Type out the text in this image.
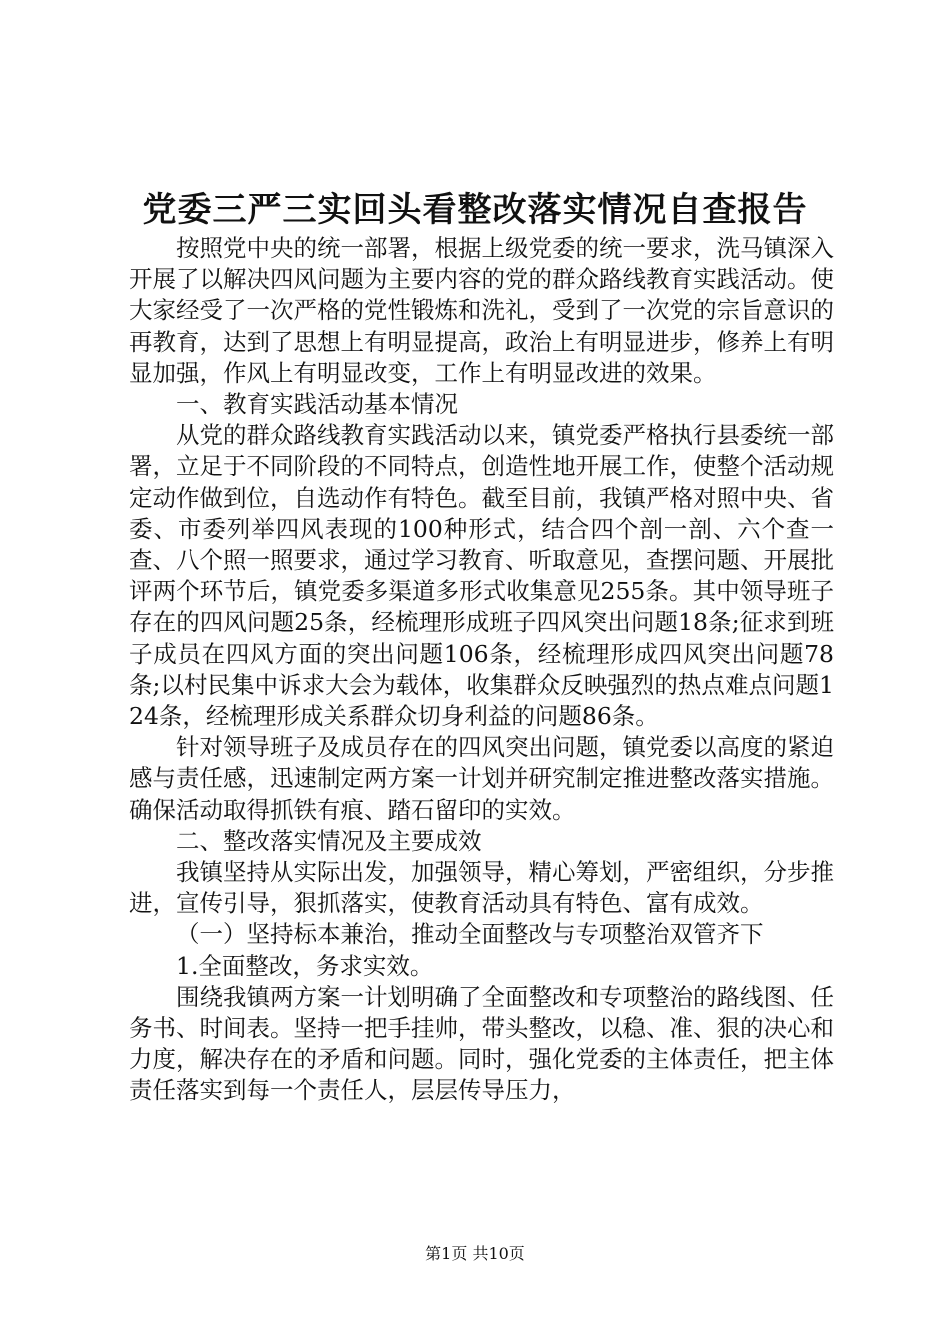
党委三严三实回头看整改落实情况自查报告

按照党中央的统一部署，根据上级党委的统一要求，洗马镇深入开展了以解决四风问题为主要内容的党的群众路线教育实践活动。使大家经受了一次严格的党性锻炼和洗礼，受到了一次党的宗旨意识的再教育，达到了思想上有明显提高，政治上有明显进步，修养上有明显加强，作风上有明显改变，工作上有明显改进的效果。

一、教育实践活动基本情况

从党的群众路线教育实践活动以来，镇党委严格执行县委统一部署，立足于不同阶段的不同特点，创造性地开展工作，使整个活动规定动作做到位，自选动作有特色。截至目前，我镇严格对照中央、省委、市委列举四风表现的100种形式，结合四个剖一剖、六个查一查、八个照一照要求，通过学习教育、听取意见，查摆问题、开展批评两个环节后，镇党委多渠道多形式收集意见255条。其中领导班子存在的四风问题25条，经梳理形成班子四风突出问题18条;征求到班子成员在四风方面的突出问题106条，经梳理形成四风突出问题78条;以村民集中诉求大会为载体，收集群众反映强烈的热点难点问题124条，经梳理形成关系群众切身利益的问题86条。

针对领导班子及成员存在的四风突出问题，镇党委以高度的紧迫感与责任感，迅速制定两方案一计划并研究制定推进整改落实措施。确保活动取得抓铁有痕、踏石留印的实效。

二、整改落实情况及主要成效

我镇坚持从实际出发，加强领导，精心筹划，严密组织，分步推进，宣传引导，狠抓落实，使教育活动具有特色、富有成效。

（一）坚持标本兼治，推动全面整改与专项整治双管齐下

1.全面整改，务求实效。

围绕我镇两方案一计划明确了全面整改和专项整治的路线图、任务书、时间表。坚持一把手挂帅，带头整改，以稳、准、狠的决心和力度，解决存在的矛盾和问题。同时，强化党委的主体责任，把主体责任落实到每一个责任人，层层传导压力，

第1页 共10页
